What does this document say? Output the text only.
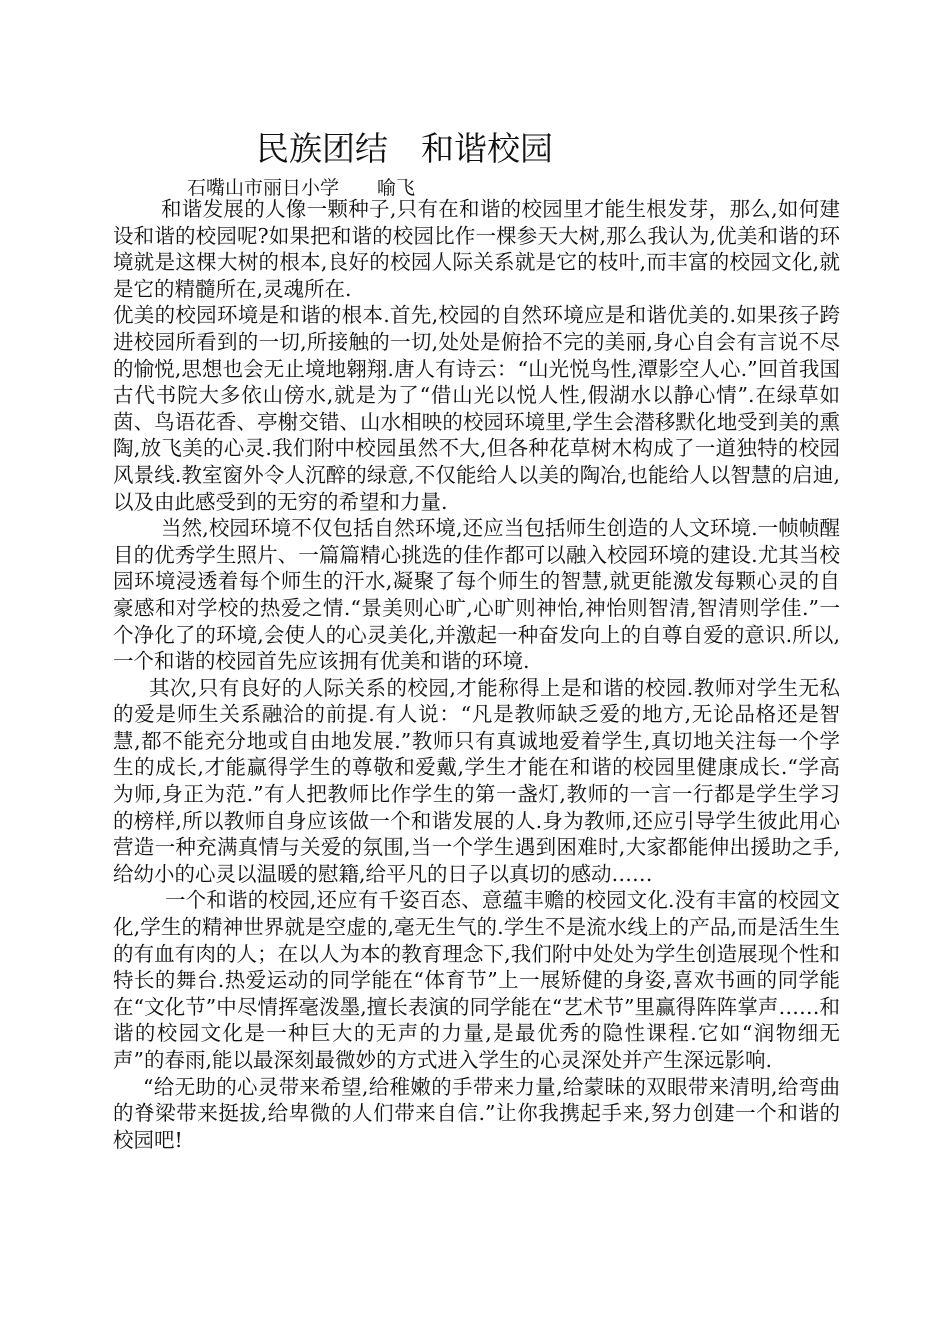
民族团结　和谐校园
石嘴山市丽日小学　　喻飞

和谐发展的人像一颗种子,只有在和谐的校园里才能生根发芽，那么,如何建设和谐的校园呢?如果把和谐的校园比作一棵参天大树,那么我认为,优美和谐的环境就是这棵大树的根本,良好的校园人际关系就是它的枝叶,而丰富的校园文化,就是它的精髓所在,灵魂所在.

优美的校园环境是和谐的根本.首先,校园的自然环境应是和谐优美的.如果孩子跨进校园所看到的一切,所接触的一切,处处是俯拾不完的美丽,身心自会有言说不尽的愉悦,思想也会无止境地翱翔.唐人有诗云：“山光悦鸟性,潭影空人心.”回首我国古代书院大多依山傍水,就是为了“借山光以悦人性,假湖水以静心情”.在绿草如茵、鸟语花香、亭榭交错、山水相映的校园环境里,学生会潜移默化地受到美的熏陶,放飞美的心灵.我们附中校园虽然不大,但各种花草树木构成了一道独特的校园风景线.教室窗外令人沉醉的绿意,不仅能给人以美的陶冶,也能给人以智慧的启迪,以及由此感受到的无穷的希望和力量.

当然,校园环境不仅包括自然环境,还应当包括师生创造的人文环境.一帧帧醒目的优秀学生照片、一篇篇精心挑选的佳作都可以融入校园环境的建设.尤其当校园环境浸透着每个师生的汗水,凝聚了每个师生的智慧,就更能激发每颗心灵的自豪感和对学校的热爱之情.“景美则心旷,心旷则神怡,神怡则智清,智清则学佳.”一个净化了的环境,会使人的心灵美化,并激起一种奋发向上的自尊自爱的意识.所以,一个和谐的校园首先应该拥有优美和谐的环境.

其次,只有良好的人际关系的校园,才能称得上是和谐的校园.教师对学生无私的爱是师生关系融洽的前提.有人说：“凡是教师缺乏爱的地方,无论品格还是智慧,都不能充分地或自由地发展.”教师只有真诚地爱着学生,真切地关注每一个学生的成长,才能赢得学生的尊敬和爱戴,学生才能在和谐的校园里健康成长.“学高为师,身正为范.”有人把教师比作学生的第一盏灯,教师的一言一行都是学生学习的榜样,所以教师自身应该做一个和谐发展的人.身为教师,还应引导学生彼此用心营造一种充满真情与关爱的氛围,当一个学生遇到困难时,大家都能伸出援助之手,给幼小的心灵以温暖的慰籍,给平凡的日子以真切的感动……

一个和谐的校园,还应有千姿百态、意蕴丰赡的校园文化.没有丰富的校园文化,学生的精神世界就是空虚的,毫无生气的.学生不是流水线上的产品,而是活生生的有血有肉的人；在以人为本的教育理念下,我们附中处处为学生创造展现个性和特长的舞台.热爱运动的同学能在“体育节”上一展矫健的身姿,喜欢书画的同学能在“文化节”中尽情挥毫泼墨,擅长表演的同学能在“艺术节”里赢得阵阵掌声……和谐的校园文化是一种巨大的无声的力量,是最优秀的隐性课程.它如“润物细无声”的春雨,能以最深刻最微妙的方式进入学生的心灵深处并产生深远影响.

“给无助的心灵带来希望,给稚嫩的手带来力量,给蒙昧的双眼带来清明,给弯曲的脊梁带来挺拔,给卑微的人们带来自信.”让你我携起手来,努力创建一个和谐的校园吧!
